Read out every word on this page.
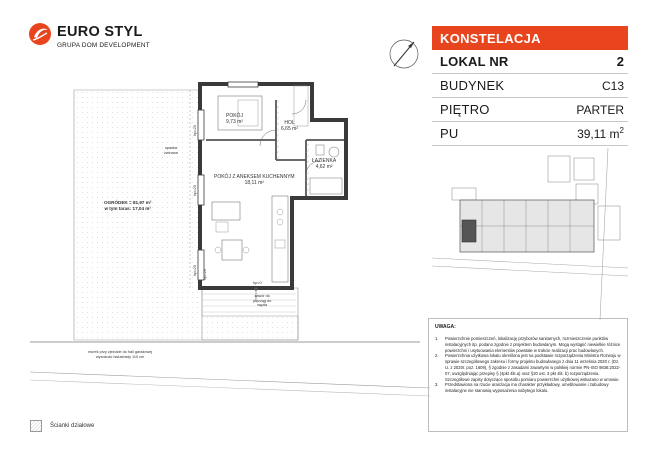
EURO STYL
GRUPA DOM DEVELOPMENT
POKÓJ
9,73 m²	HOL
6,65 m²
ŁAZIENKA
4,62 m²
POKÓJ Z ANEKSEM KUCHENNYM
18,11 m²
OGRÓDEK = 81,97 m²
w tym taras: 17,04 m²
opaska
żwirowa
zawór do
płęcząg do
węzła
hp=0
murek przy zjeździe do hali garażowej
wysokość balustrady 110 cm
hp=20
hp=20
hp=20 hp=20
KONSTELACJA
LOKAL NR	2
BUDYNEK	C13
PIĘTRO	PARTER
PU	39,11 $m^2$
UWAGA:
1. Powierzchnie pomieszczeń, lokalizację przyborów sanitarnych, rozmieszczenie punktów instalacyjnych itp. podano zgodnie z projektem budowlanym. Mogą wystąpić niewielkie różnice powierzchni i usytuowania elementów powstałe w trakcie realizacji prac budowlanych.
2. Powierzchnia użytkowa lokalu określona jest na podstawie rozporządzenia Ministra Rozwoju w sprawie szczegółowego zakresu i formy projektu budowlanego z dnia 11 września 2020 r. (Dz. U. z 2020r. poz. 1609), § zgodnie z zasadami zawartymi w polskiej normie PN-ISO 9836:2022-07, uwzględniając przepisy § (4pkt 4lit.a) oraz §20 ust. 3 pkt 4lit. b) rozporządzenia. Szczegółowe zapisy dotyczące sposobu pomiaru powierzchni użytkowej wskazano w umowie.
3. Przedstawiona na rzucie aranżacja ma charakter przykładowy, umeblowanie i zabudowy instalacyjne nie stanowią wyposażenia nabytego lokalu.
Ścianki działowe
